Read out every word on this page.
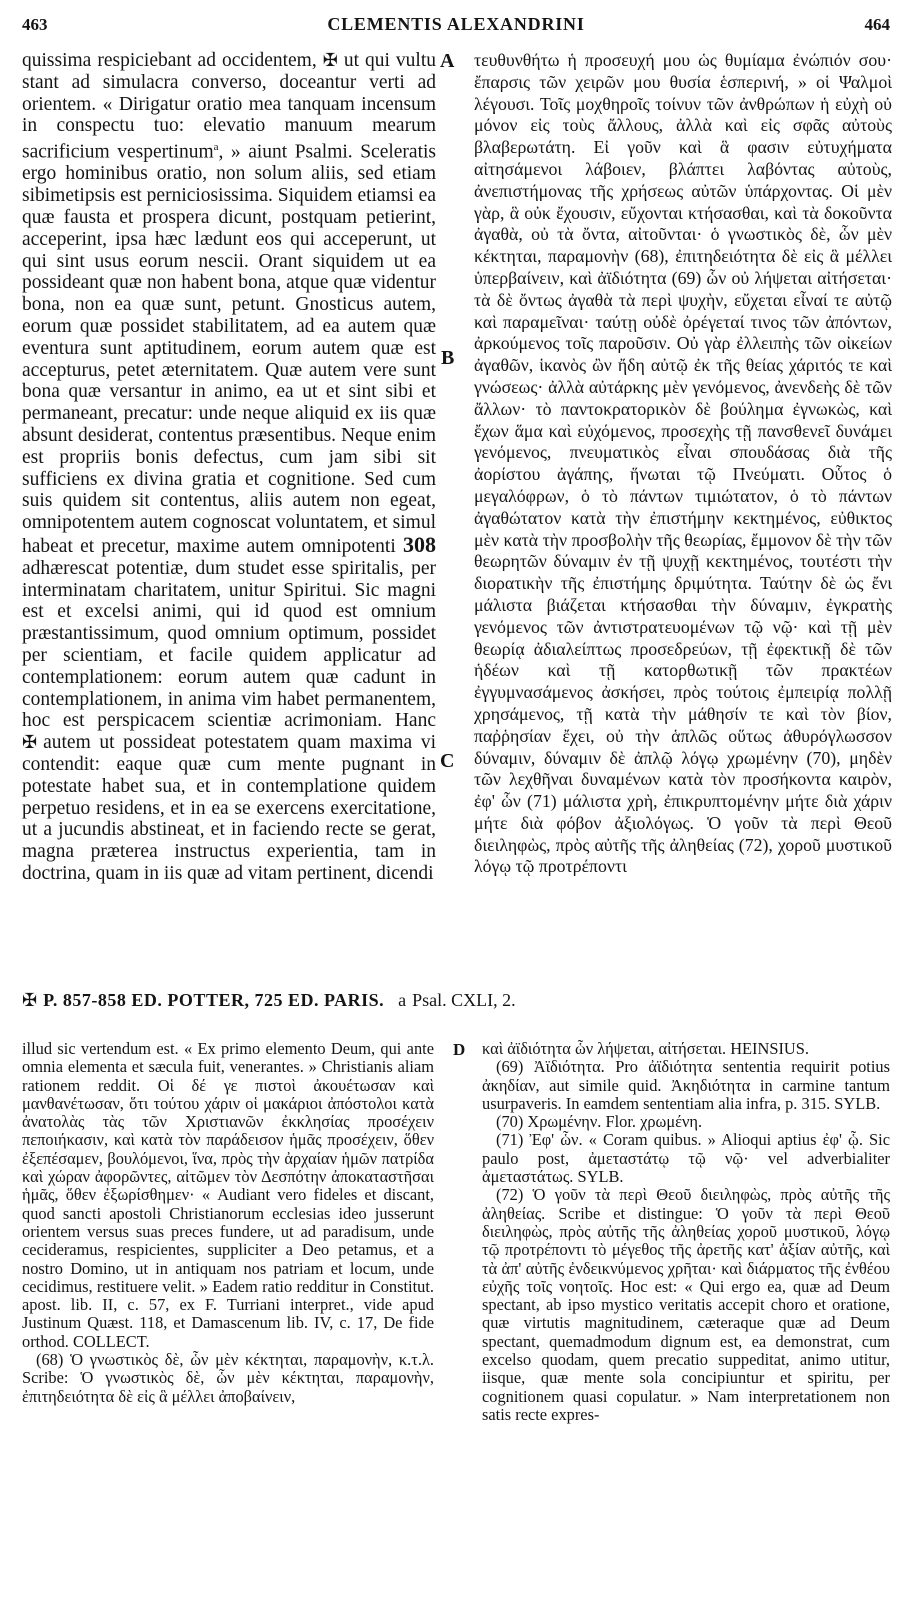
463	CLEMENTIS ALEXANDRINI	464

quissima respiciebant ad occidentem, ✠ ut qui vultu stant ad simulacra converso, doceantur verti ad orientem. « Dirigatur oratio mea tanquam incensum in conspectu tuo: elevatio manuum mearum sacrificium vespertinum$^a$, » aiunt Psalmi. Sceleratis ergo hominibus oratio, non solum aliis, sed etiam sibimetipsis est perniciosissima. Siquidem etiamsi ea quæ fausta et prospera dicunt, postquam petierint, acceperint, ipsa hæc lædunt eos qui acceperunt, ut qui sint usus eorum nescii. Orant siquidem ut ea possideant quæ non habent bona, atque quæ videntur bona, non ea quæ sunt, petunt. Gnosticus autem, eorum quæ possidet stabilitatem, ad ea autem quæ eventura sunt aptitudinem, eorum autem quæ est accepturus, petet æternitatem. Quæ autem vere sunt bona quæ versantur in animo, ea ut et sint sibi et permaneant, precatur: unde neque aliquid ex iis quæ absunt desiderat, contentus præsentibus. Neque enim est propriis bonis defectus, cum jam sibi sit sufficiens ex divina gratia et cognitione. Sed cum suis quidem sit contentus, aliis autem non egeat, omnipotentem autem cognoscat voluntatem, et simul habeat et precetur, maxime autem omnipotenti 308 adhærescat potentiæ, dum studet esse spiritalis, per interminatam charitatem, unitur Spiritui. Sic magni est et excelsi animi, qui id quod est omnium præstantissimum, quod omnium optimum, possidet per scientiam, et facile quidem applicatur ad contemplationem: eorum autem quæ cadunt in contemplationem, in anima vim habet permanentem, hoc est perspicacem scientiæ acrimoniam. Hanc ✠ autem ut possideat potestatem quam maxima vi contendit: eaque quæ cum mente pugnant in potestate habet sua, et in contemplatione quidem perpetuo residens, et in ea se exercens exercitatione, ut a jucundis abstineat, et in faciendo recte se gerat, magna præterea instructus experientia, tam in doctrina, quam in iis quæ ad vitam pertinent, dicendi

A
B
C

τευθυνθήτω ἡ προσευχή μου ὡς θυμίαμα ἐνώπιόν σου· ἔπαρσις τῶν χειρῶν μου θυσία ἑσπερινή, » οἱ Ψαλμοὶ λέγουσι. Τοῖς μοχθηροῖς τοίνυν τῶν ἀνθρώπων ἡ εὐχὴ οὐ μόνον εἰς τοὺς ἄλλους, ἀλλὰ καὶ εἰς σφᾶς αὐτοὺς βλαβερωτάτη. Εἰ γοῦν καὶ ἃ φασιν εὐτυχήματα αἰτησάμενοι λάβοιεν, βλάπτει λαβόντας αὐτοὺς, ἀνεπιστήμονας τῆς χρήσεως αὐτῶν ὑπάρχοντας. Οἱ μὲν γὰρ, ἃ οὐκ ἔχουσιν, εὔχονται κτήσασθαι, καὶ τὰ δοκοῦντα ἀγαθὰ, οὐ τὰ ὄντα, αἰτοῦνται· ὁ γνωστικὸς δὲ, ὧν μὲν κέκτηται, παραμονὴν (68), ἐπιτηδειότητα δὲ εἰς ἃ μέλλει ὑπερβαίνειν, καὶ ἀϊδιότητα (69) ὧν οὐ λήψεται αἰτήσεται· τὰ δὲ ὄντως ἀγαθὰ τὰ περὶ ψυχὴν, εὔχεται εἶναί τε αὐτῷ καὶ παραμεῖναι· ταύτῃ οὐδὲ ὀρέγεταί τινος τῶν ἀπόντων, ἀρκούμενος τοῖς παροῦσιν. Οὐ γὰρ ἐλλειπὴς τῶν οἰκείων ἀγαθῶν, ἱκανὸς ὢν ἤδη αὐτῷ ἐκ τῆς θείας χάριτός τε καὶ γνώσεως· ἀλλὰ αὐτάρκης μὲν γενόμενος, ἀνενδεὴς δὲ τῶν ἄλλων· τὸ παντοκρατορικὸν δὲ βούλημα ἐγνωκὼς, καὶ ἔχων ἅμα καὶ εὐχόμενος, προσεχὴς τῇ πανσθενεῖ δυνάμει γενόμενος, πνευματικὸς εἶναι σπουδάσας διὰ τῆς ἀορίστου ἀγάπης, ἥνωται τῷ Πνεύματι. Οὗτος ὁ μεγαλόφρων, ὁ τὸ πάντων τιμιώτατον, ὁ τὸ πάντων ἀγαθώτατον κατὰ τὴν ἐπιστήμην κεκτημένος, εὐθικτος μὲν κατὰ τὴν προσβολὴν τῆς θεωρίας, ἔμμονον δὲ τὴν τῶν θεωρητῶν δύναμιν ἐν τῇ ψυχῇ κεκτημένος, τουτέστι τὴν διορατικὴν τῆς ἐπιστήμης δριμύτητα. Ταύτην δὲ ὡς ἔνι μάλιστα βιάζεται κτήσασθαι τὴν δύναμιν, ἐγκρατὴς γενόμενος τῶν ἀντιστρατευομένων τῷ νῷ· καὶ τῇ μὲν θεωρίᾳ ἀδιαλείπτως προσεδρεύων, τῇ ἐφεκτικῇ δὲ τῶν ἡδέων καὶ τῇ κατορθωτικῇ τῶν πρακτέων ἐγγυμνασάμενος ἀσκήσει, πρὸς τούτοις ἐμπειρίᾳ πολλῇ χρησάμενος, τῇ κατὰ τὴν μάθησίν τε καὶ τὸν βίον, παῤῥησίαν ἔχει, οὐ τὴν ἁπλῶς οὕτως ἀθυρόγλωσσον δύναμιν, δύναμιν δὲ ἀπλῷ λόγῳ χρωμένην (70), μηδὲν τῶν λεχθῆναι δυναμένων κατὰ τὸν προσήκοντα καιρὸν, ἐφ' ὧν (71) μάλιστα χρὴ, ἐπικρυπτομένην μήτε διὰ χάριν μήτε διὰ φόβον ἀξιολόγως. Ὁ γοῦν τὰ περὶ Θεοῦ διειληφὼς, πρὸς αὐτῆς τῆς ἀληθείας (72), χοροῦ μυστικοῦ λόγῳ τῷ προτρέποντι

✠ P. 857-858 ED. POTTER, 725 ED. PARIS. a Psal. CXLI, 2.

illud sic vertendum est. « Ex primo elemento Deum, qui ante omnia elementa et sæcula fuit, venerantes. » Christianis aliam rationem reddit. Οἱ δέ γε πιστοὶ ἀκουέτωσαν καὶ μανθανέτωσαν, ὅτι τούτου χάριν οἱ μακάριοι ἀπόστολοι κατὰ ἀνατολὰς τὰς τῶν Χριστιανῶν ἐκκλησίας προσέχειν πεποιήκασιν, καὶ κατὰ τὸν παράδεισον ἡμᾶς προσέχειν, ὅθεν ἐξεπέσαμεν, βουλόμενοι, ἵνα, πρὸς τὴν ἀρχαίαν ἡμῶν πατρίδα καὶ χώραν ἀφορῶντες, αἰτῶμεν τὸν Δεσπότην ἀποκαταστῆσαι ἡμᾶς, ὅθεν ἐξωρίσθημεν· « Audiant vero fideles et discant, quod sancti apostoli Christianorum ecclesias ideo jusserunt orientem versus suas preces fundere, ut ad paradisum, unde cecideramus, respicientes, suppliciter a Deo petamus, et a nostro Domino, ut in antiquam nos patriam et locum, unde cecidimus, restituere velit. » Eadem ratio redditur in Constitut. apost. lib. II, c. 57, ex F. Turriani interpret., vide apud Justinum Quæst. 118, et Damascenum lib. IV, c. 17, De fide orthod. COLLECT.

(68) Ὁ γνωστικὸς δὲ, ὧν μὲν κέκτηται, παραμονὴν, κ.τ.λ. Scribe: Ὁ γνωστικὸς δὲ, ὧν μὲν κέκτηται, παραμονὴν, ἐπιτηδειότητα δὲ εἰς ἃ μέλλει ἀποβαίνειν,

D καὶ ἀϊδιότητα ὧν λήψεται, αἰτήσεται. HEINSIUS.

(69) Ἀϊδιότητα. Pro ἀϊδιότητα sententia requirit potius ἀκηδίαν, aut simile quid. Ἀκηδιότητα in carmine tantum usurpaveris. In eamdem sententiam alia infra, p. 315. SYLB.

(70) Χρωμένην. Flor. χρωμένη.

(71) Ἐφ' ὧν. « Coram quibus. » Alioqui aptius ἐφ' ᾧ. Sic paulo post, ἀμεταστάτῳ τῷ νῷ· vel adverbialiter ἀμεταστάτως. SYLB.

(72) Ὁ γοῦν τὰ περὶ Θεοῦ διειληφὼς, πρὸς αὐτῆς τῆς ἀληθείας. Scribe et distingue: Ὁ γοῦν τὰ περὶ Θεοῦ διειληφὼς, πρὸς αὐτῆς τῆς ἀληθείας χοροῦ μυστικοῦ, λόγῳ τῷ προτρέποντι τὸ μέγεθος τῆς ἀρετῆς κατ' ἀξίαν αὐτῆς, καὶ τὰ ἀπ' αὐτῆς ἐνδεικνύμενος χρῆται· καὶ διάρματος τῆς ἐνθέου εὐχῆς τοῖς νοητοῖς. Hoc est: « Qui ergo ea, quæ ad Deum spectant, ab ipso mystico veritatis accepit choro et oratione, quæ virtutis magnitudinem, cæteraque quæ ad Deum spectant, quemadmodum dignum est, ea demonstrat, cum excelso quodam, quem precatio suppeditat, animo utitur, iisque, quæ mente sola concipiuntur et spiritu, per cognitionem quasi copulatur. » Nam interpretationem non satis recte expres-
